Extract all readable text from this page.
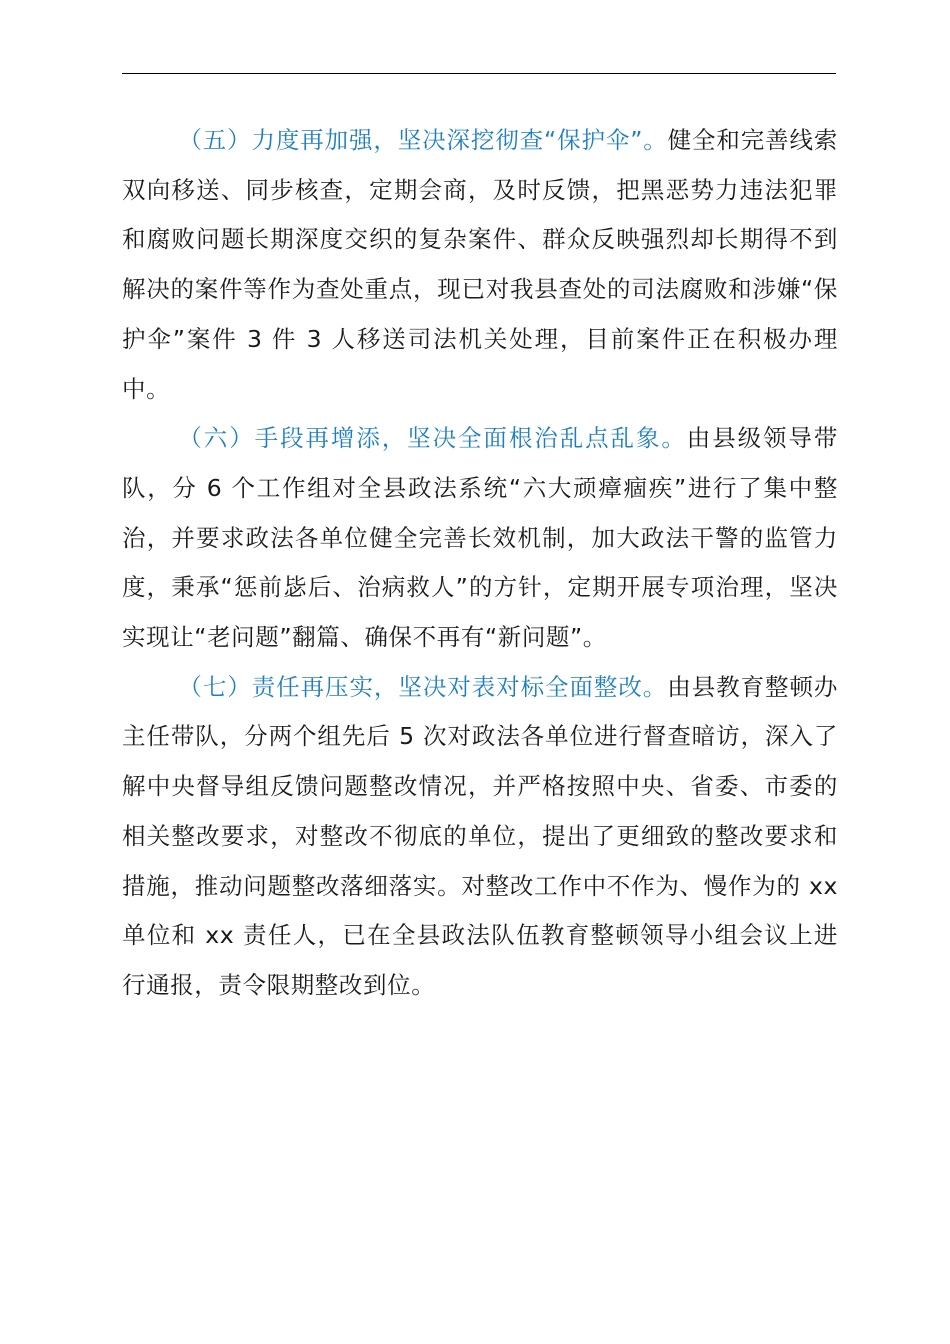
（五）力度再加强，坚决深挖彻查“保护伞”。健全和完善线索双向移送、同步核查，定期会商，及时反馈，把黑恶势力违法犯罪和腐败问题长期深度交织的复杂案件、群众反映强烈却长期得不到解决的案件等作为查处重点，现已对我县查处的司法腐败和涉嫌“保护伞”案件 3 件 3 人移送司法机关处理，目前案件正在积极办理中。

（六）手段再增添，坚决全面根治乱点乱象。由县级领导带队，分 6 个工作组对全县政法系统“六大顽瘴痼疾”进行了集中整治，并要求政法各单位健全完善长效机制，加大政法干警的监管力度，秉承“惩前毖后、治病救人”的方针，定期开展专项治理，坚决实现让“老问题”翻篇、确保不再有“新问题”。

（七）责任再压实，坚决对表对标全面整改。由县教育整顿办主任带队，分两个组先后 5 次对政法各单位进行督查暗访，深入了解中央督导组反馈问题整改情况，并严格按照中央、省委、市委的相关整改要求，对整改不彻底的单位，提出了更细致的整改要求和措施，推动问题整改落细落实。对整改工作中不作为、慢作为的 xx 单位和 xx 责任人，已在全县政法队伍教育整顿领导小组会议上进行通报，责令限期整改到位。
